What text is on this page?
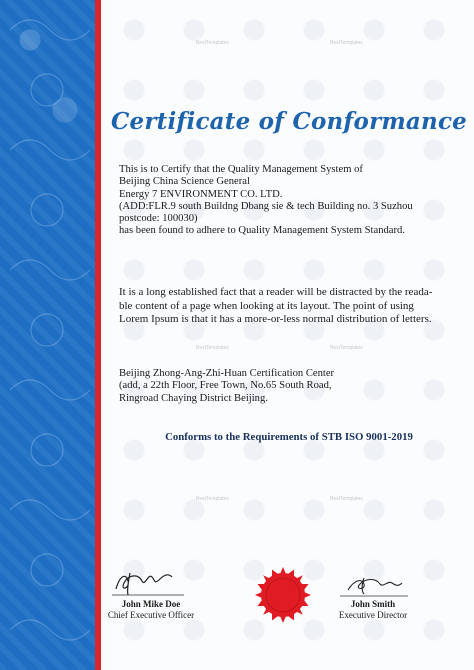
BestTemplates	BestTemplates
BestTemplates	BestTemplates
BestTemplates	BestTemplates
Certificate of Conformance
This is to Certify that the Quality Management System of
Beijing China Science General
Energy 7 ENVIRONMENT CO. LTD.
(ADD:FLR.9 south Buildng Dbang sie & tech Building no. 3 Suzhou
postcode: 100030)
has been found to adhere to Quality Management System Standard.
It is a long established fact that a reader will be distracted by the reada-
ble content of a page when looking at its layout. The point of using
Lorem Ipsum is that it has a more-or-less normal distribution of letters.
Beijing Zhong-Ang-Zhi-Huan Certification Center
(add, a 22th Floor, Free Town, No.65 South Road,
Ringroad Chaying District Beijing.
Conforms to the Requirements of STB ISO 9001-2019
John Mike Doe
Chief Executive Officer
John Smith
Executive Director
